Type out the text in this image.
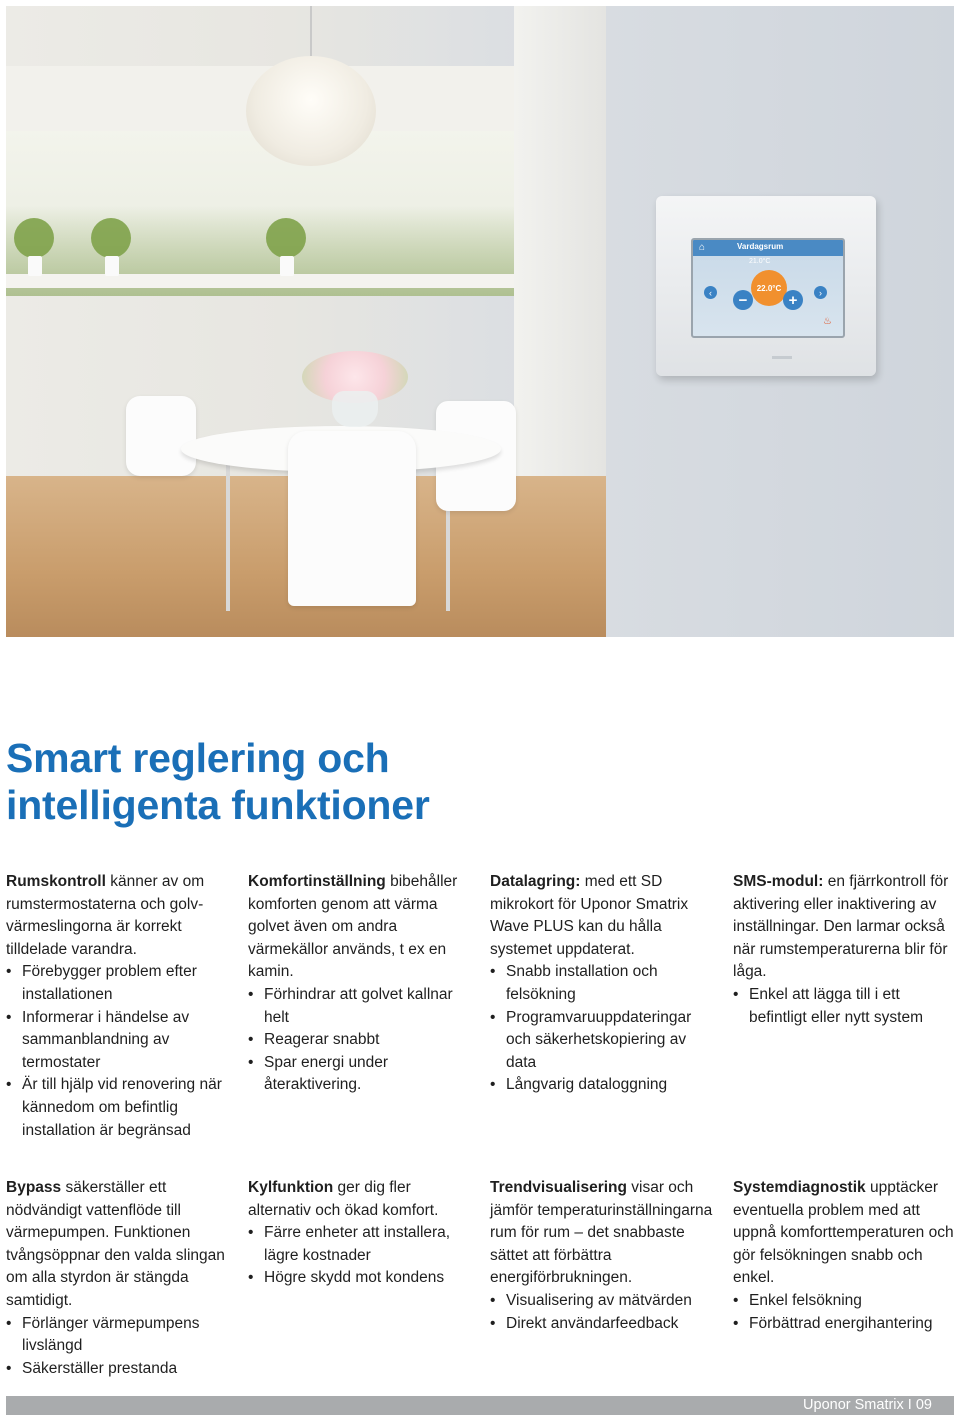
⌂	Vardagsrum
21.0°C
22.0°C
−	+
♨
‹	›
Smart reglering och
intelligenta funktioner

Rumskontroll känner av om rumstermostaterna och golvvärmeslingorna är korrekt tilldelade varandra.

• Förebygger problem efter installationen
• Informerar i händelse av sammanblandning av termostater
• Är till hjälp vid renovering när kännedom om befintlig installation är begränsad

Komfortinställning bibehåller komforten genom att värma golvet även om andra värmekällor används, t ex en kamin.

• Förhindrar att golvet kallnar helt
• Reagerar snabbt
• Spar energi under återaktivering.

Datalagring: med ett SD mikrokort för Uponor Smatrix Wave PLUS kan du hålla systemet uppdaterat.

• Snabb installation och felsökning
• Programvaruuppdateringar och säkerhetskopiering av data
• Långvarig dataloggning

SMS-modul: en fjärrkontroll för aktivering eller inaktivering av inställningar. Den larmar också när rumstemperaturerna blir för låga.

• Enkel att lägga till i ett befintligt eller nytt system

Bypass säkerställer ett nödvändigt vattenflöde till värmepumpen. Funktionen tvångsöppnar den valda slingan om alla styrdon är stängda samtidigt.

• Förlänger värmepumpens livslängd
• Säkerställer prestanda

Kylfunktion ger dig fler alternativ och ökad komfort.

• Färre enheter att installera, lägre kostnader
• Högre skydd mot kondens

Trendvisualisering visar och jämför temperaturinställningarna rum för rum – det snabbaste sättet att förbättra energiförbrukningen.

• Visualisering av mätvärden
• Direkt användarfeedback

Systemdiagnostik upptäcker eventuella problem med att uppnå komforttemperaturen och gör felsökningen snabb och enkel.

• Enkel felsökning
• Förbättrad energihantering
Uponor Smatrix I 09
